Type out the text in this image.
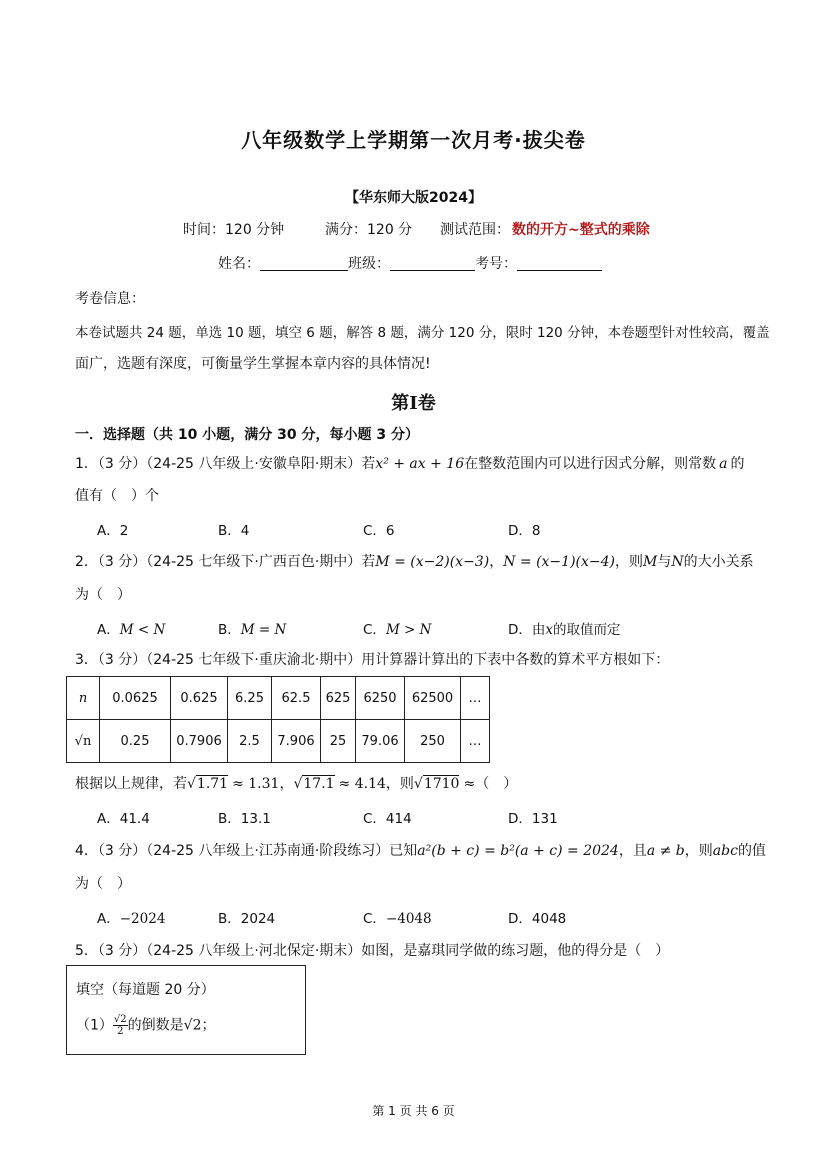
八年级数学上学期第一次月考·拔尖卷
【华东师大版2024】
时间：120 分钟	满分：120 分 测试范围： 数的开方~整式的乘除
姓名：	班级：	考号：
考卷信息：
本卷试题共 24 题，单选 10 题，填空 6 题，解答 8 题，满分 120 分，限时 120 分钟，本卷题型针对性较高，覆盖
面广，选题有深度，可衡量学生掌握本章内容的具体情况!
第Ⅰ卷
一．选择题（共 10 小题，满分 30 分，每小题 3 分）
1．（3 分）（24-25 八年级上·安徽阜阳·期末）若x² + ax + 16在整数范围内可以进行因式分解，则常数 a 的
值有（　）个
A．2	B．4	C．6	D．8
2．（3 分）（24-25 七年级下·广西百色·期中）若M = (x−2)(x−3)，N = (x−1)(x−4)，则M与N的大小关系
为（　）
A．M < N	B．M = N	C．M > N	D．由x的取值而定
3．（3 分）（24-25 七年级下·重庆渝北·期中）用计算器计算出的下表中各数的算术平方根如下：
n	0.0625	0.625	6.25	62.5	625	6250	62500	…
√n	0.25	0.7906	2.5	7.906	25	79.06	250	…
根据以上规律，若√1.71 ≈ 1.31，√17.1 ≈ 4.14，则√1710 ≈（　）
A．41.4	B．13.1	C．414	D．131
4．（3 分）（24-25 八年级上·江苏南通·阶段练习）已知a²(b + c) = b²(a + c) = 2024，且a ≠ b，则abc的值
为（　）
A．−2024	B．2024	C．−4048	D．4048
5．（3 分）（24-25 八年级上·河北保定·期末）如图，是嘉琪同学做的练习题，他的得分是（　）
填空（每道题 20 分）
$(1) \frac{√2}{2}$ 的倒数是√2；
第 1 页 共 6 页
